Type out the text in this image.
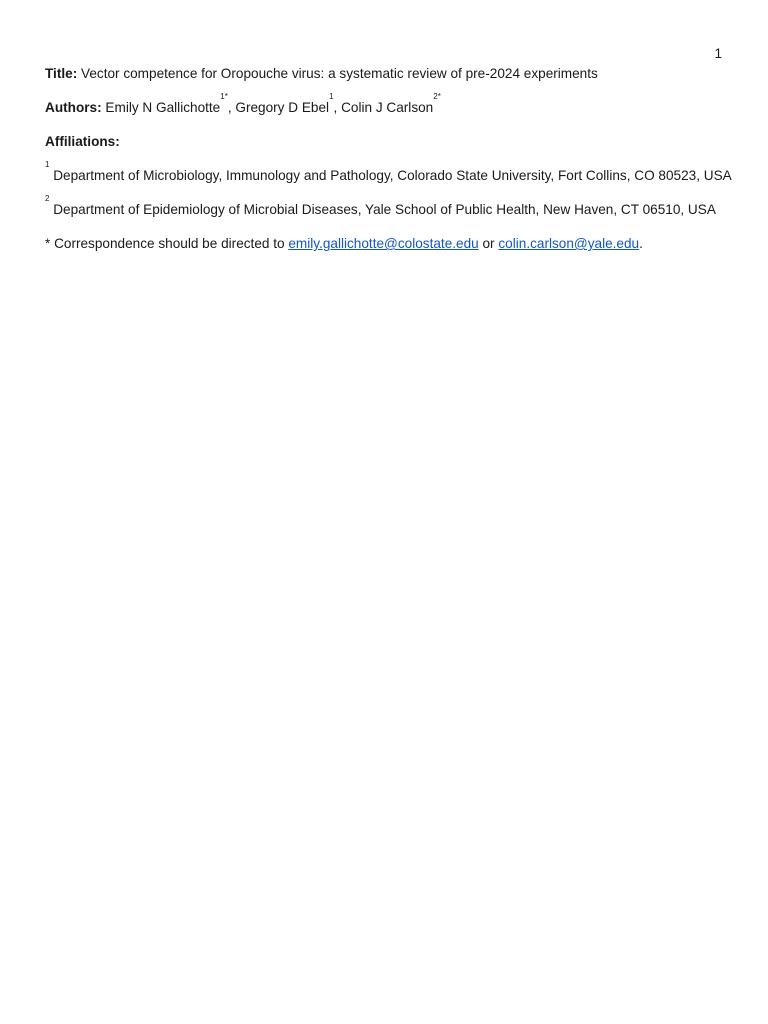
1
Title: Vector competence for Oropouche virus: a systematic review of pre-2024 experiments
Authors: Emily N Gallichotte$^{1*}$, Gregory D Ebel$^1$, Colin J Carlson$^{2*}$
Affiliations:
$^1$ Department of Microbiology, Immunology and Pathology, Colorado State University, Fort Collins, CO 80523, USA
$^2$ Department of Epidemiology of Microbial Diseases, Yale School of Public Health, New Haven, CT 06510, USA
* Correspondence should be directed to emily.gallichotte@colostate.edu or colin.carlson@yale.edu.
